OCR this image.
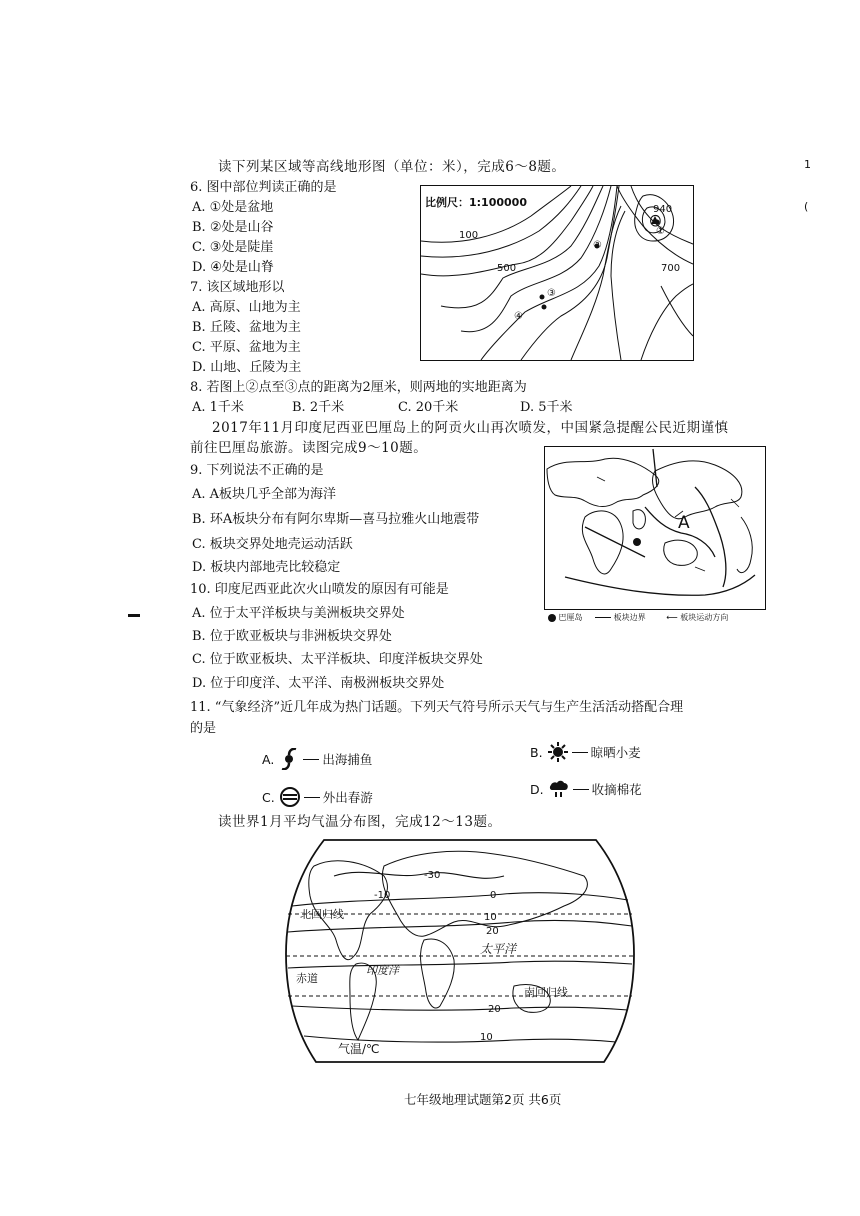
读下列某区域等高线地形图（单位：米），完成6～8题。
6. 图中部位判读正确的是
A. ①处是盆地
B. ②处是山谷
C. ③处是陡崖
D. ④处是山脊
7. 该区域地形以
A. 高原、山地为主
B. 丘陵、盆地为主
C. 平原、盆地为主
D. 山地、丘陵为主
8. 若图上②点至③点的距离为2厘米，则两地的实地距离为
A. 1千米	B. 2千米	C. 20千米	D. 5千米
比例尺：1:100000
100
500	700
940
①
②
③
④
2017年11月印度尼西亚巴厘岛上的阿贡火山再次喷发，中国紧急提醒公民近期谨慎
前往巴厘岛旅游。读图完成9～10题。
9. 下列说法不正确的是
A. A板块几乎全部为海洋
B. 环A板块分布有阿尔卑斯—喜马拉雅火山地震带
C. 板块交界处地壳运动活跃
D. 板块内部地壳比较稳定
10. 印度尼西亚此次火山喷发的原因有可能是
A. 位于太平洋板块与美洲板块交界处
B. 位于欧亚板块与非洲板块交界处
C. 位于欧亚板块、太平洋板块、印度洋板块交界处
D. 位于印度洋、太平洋、南极洲板块交界处
A
巴厘岛	板块边界	⟵ 板块运动方向
11. “气象经济”近几年成为热门话题。下列天气符号所示天气与生产生活活动搭配合理
的是
A.	出海捕鱼	B.	晾晒小麦
C.	外出春游
D.	收摘棉花
读世界1月平均气温分布图，完成12～13题。
北回归线
赤道
南回归线
印度洋
太平洋
气温/℃
-10
-30
0
10
20
20
10
七年级地理试题第2页 共6页
1
(
